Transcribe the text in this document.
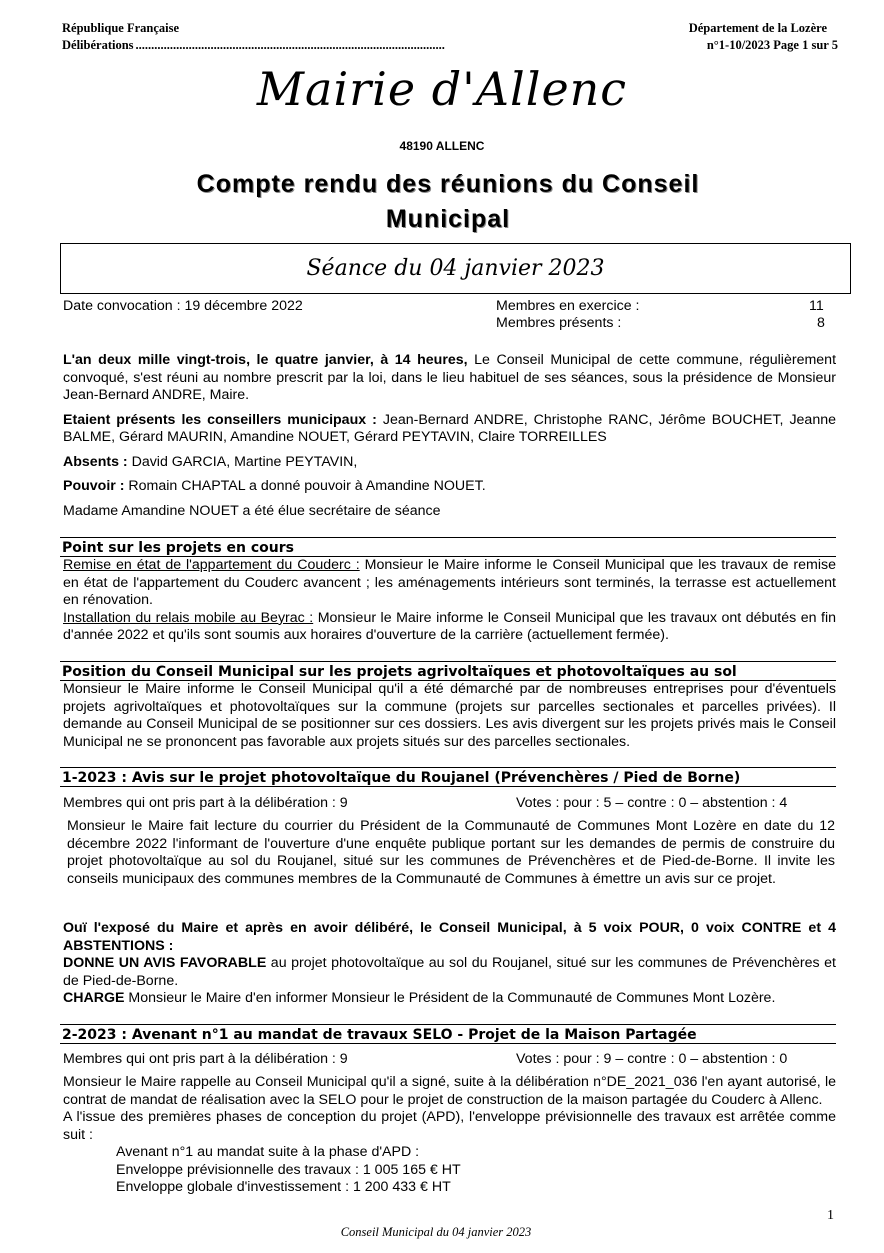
République Française	Département de la Lozère
Délibérations ...................................................................................................	n°1-10/2023 Page 1 sur 5
Mairie d'Allenc
48190 ALLENC
Compte rendu des réunions du Conseil
Municipal
Séance du 04 janvier 2023
Date convocation : 19 décembre 2022	Membres en exercice :	11
Membres présents :	8

L'an deux mille vingt-trois, le quatre janvier, à 14 heures, Le Conseil Municipal de cette commune, régulièrement convoqué, s'est réuni au nombre prescrit par la loi, dans le lieu habituel de ses séances, sous la présidence de Monsieur Jean-Bernard ANDRE, Maire.

Etaient présents les conseillers municipaux : Jean-Bernard ANDRE, Christophe RANC, Jérôme BOUCHET, Jeanne BALME, Gérard MAURIN, Amandine NOUET, Gérard PEYTAVIN, Claire TORREILLES

Absents : David GARCIA, Martine PEYTAVIN,

Pouvoir : Romain CHAPTAL a donné pouvoir à Amandine NOUET.

Madame Amandine NOUET a été élue secrétaire de séance

Point sur les projets en cours

Remise en état de l'appartement du Couderc : Monsieur le Maire informe le Conseil Municipal que les travaux de remise en état de l'appartement du Couderc avancent ; les aménagements intérieurs sont terminés, la terrasse est actuellement en rénovation.

Installation du relais mobile au Beyrac : Monsieur le Maire informe le Conseil Municipal que les travaux ont débutés en fin d'année 2022 et qu'ils sont soumis aux horaires d'ouverture de la carrière (actuellement fermée).

Position du Conseil Municipal sur les projets agrivoltaïques et photovoltaïques au sol

Monsieur le Maire informe le Conseil Municipal qu'il a été démarché par de nombreuses entreprises pour d'éventuels projets agrivoltaïques et photovoltaïques sur la commune (projets sur parcelles sectionales et parcelles privées). Il demande au Conseil Municipal de se positionner sur ces dossiers. Les avis divergent sur les projets privés mais le Conseil Municipal ne se prononcent pas favorable aux projets situés sur des parcelles sectionales.

1-2023 : Avis sur le projet photovoltaïque du Roujanel (Prévenchères / Pied de Borne)
Membres qui ont pris part à la délibération : 9	Votes : pour : 5 – contre : 0 – abstention : 4

Monsieur le Maire fait lecture du courrier du Président de la Communauté de Communes Mont Lozère en date du 12 décembre 2022 l'informant de l'ouverture d'une enquête publique portant sur les demandes de permis de construire du projet photovoltaïque au sol du Roujanel, situé sur les communes de Prévenchères et de Pied-de-Borne. Il invite les conseils municipaux des communes membres de la Communauté de Communes à émettre un avis sur ce projet.

Ouï l'exposé du Maire et après en avoir délibéré, le Conseil Municipal, à 5 voix POUR, 0 voix CONTRE et 4 ABSTENTIONS :

DONNE UN AVIS FAVORABLE au projet photovoltaïque au sol du Roujanel, situé sur les communes de Prévenchères et de Pied-de-Borne.

CHARGE Monsieur le Maire d'en informer Monsieur le Président de la Communauté de Communes Mont Lozère.

2-2023 : Avenant n°1 au mandat de travaux SELO - Projet de la Maison Partagée
Membres qui ont pris part à la délibération : 9	Votes : pour : 9 – contre : 0 – abstention : 0

Monsieur le Maire rappelle au Conseil Municipal qu'il a signé, suite à la délibération n°DE_2021_036 l'en ayant autorisé, le contrat de mandat de réalisation avec la SELO pour le projet de construction de la maison partagée du Couderc à Allenc.

A l'issue des premières phases de conception du projet (APD), l'enveloppe prévisionnelle des travaux est arrêtée comme suit :

Avenant n°1 au mandat suite à la phase d'APD :

Enveloppe prévisionnelle des travaux : 1 005 165 € HT

Enveloppe globale d'investissement : 1 200 433 € HT

1
Conseil Municipal du 04 janvier 2023
